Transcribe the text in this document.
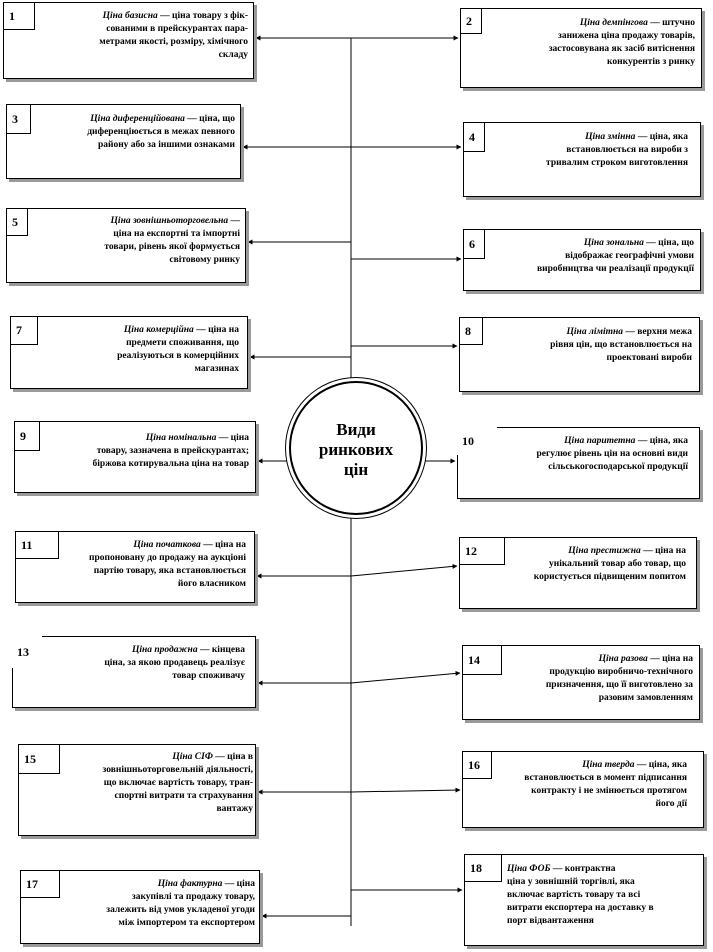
Види
ринкових
цін
1	Ціна базисна — ціна товару з фік-
сованими в прейскурантах пара-
метрами якості, розміру, хімічного
складу
3	Ціна диференційована — ціна, що
диференціюється в межах певного
району або за іншими ознаками
5	Ціна зовнішньоторговельна —
ціна на експортні та імпортні
товари, рівень якої формується
світовому ринку
7	Ціна комерційна — ціна на
предмети споживання, що
реалізуються в комерційних
магазинах
9	Ціна номінальна — ціна
товару, зазначена в прейскурантах;
біржова котирувальна ціна на товар
11	Ціна початкова — ціна на
пропоновану до продажу на аукціоні
партію товару, яка встановлюється
його власником
13	Ціна продажна — кінцева
ціна, за якою продавець реалізує
товар споживачу
15	Ціна СІФ — ціна в
зовнішньоторговельній діяльності,
що включає вартість товару, тран-
спортні витрати та страхування
вантажу
17	Ціна фактурна — ціна
закупівлі та продажу товару,
залежить від умов укладеної угоди
між імпортером та експортером
2	Ціна демпінгова — штучно
занижена ціна продажу товарів,
застосовувана як засіб витіснення
конкурентів з ринку
4	Ціна змінна — ціна, яка
встановлюється на вироби з
тривалим строком виготовлення
6	Ціна зональна — ціна, що
відображає географічні умови
виробництва чи реалізації продукції
8	Ціна лімітна — верхня межа
рівня цін, що встановлюється на
проектовані вироби
10	Ціна паритетна — ціна, яка
регулює рівень цін на основні види
сільськогосподарської продукції
12	Ціна престижна — ціна на
унікальний товар або товар, що
користується підвищеним попитом
14	Ціна разова — ціна на
продукцію виробничо-технічного
призначення, що її виготовлено за
разовим замовленням
16	Ціна тверда — ціна, яка
встановлюється в момент підписання
контракту і не змінюється протягом
його дії
18	Ціна ФОБ — контрактна
ціна у зовнішній торгівлі, яка
включає вартість товару та всі
витрати експортера на доставку в
порт відвантаження
